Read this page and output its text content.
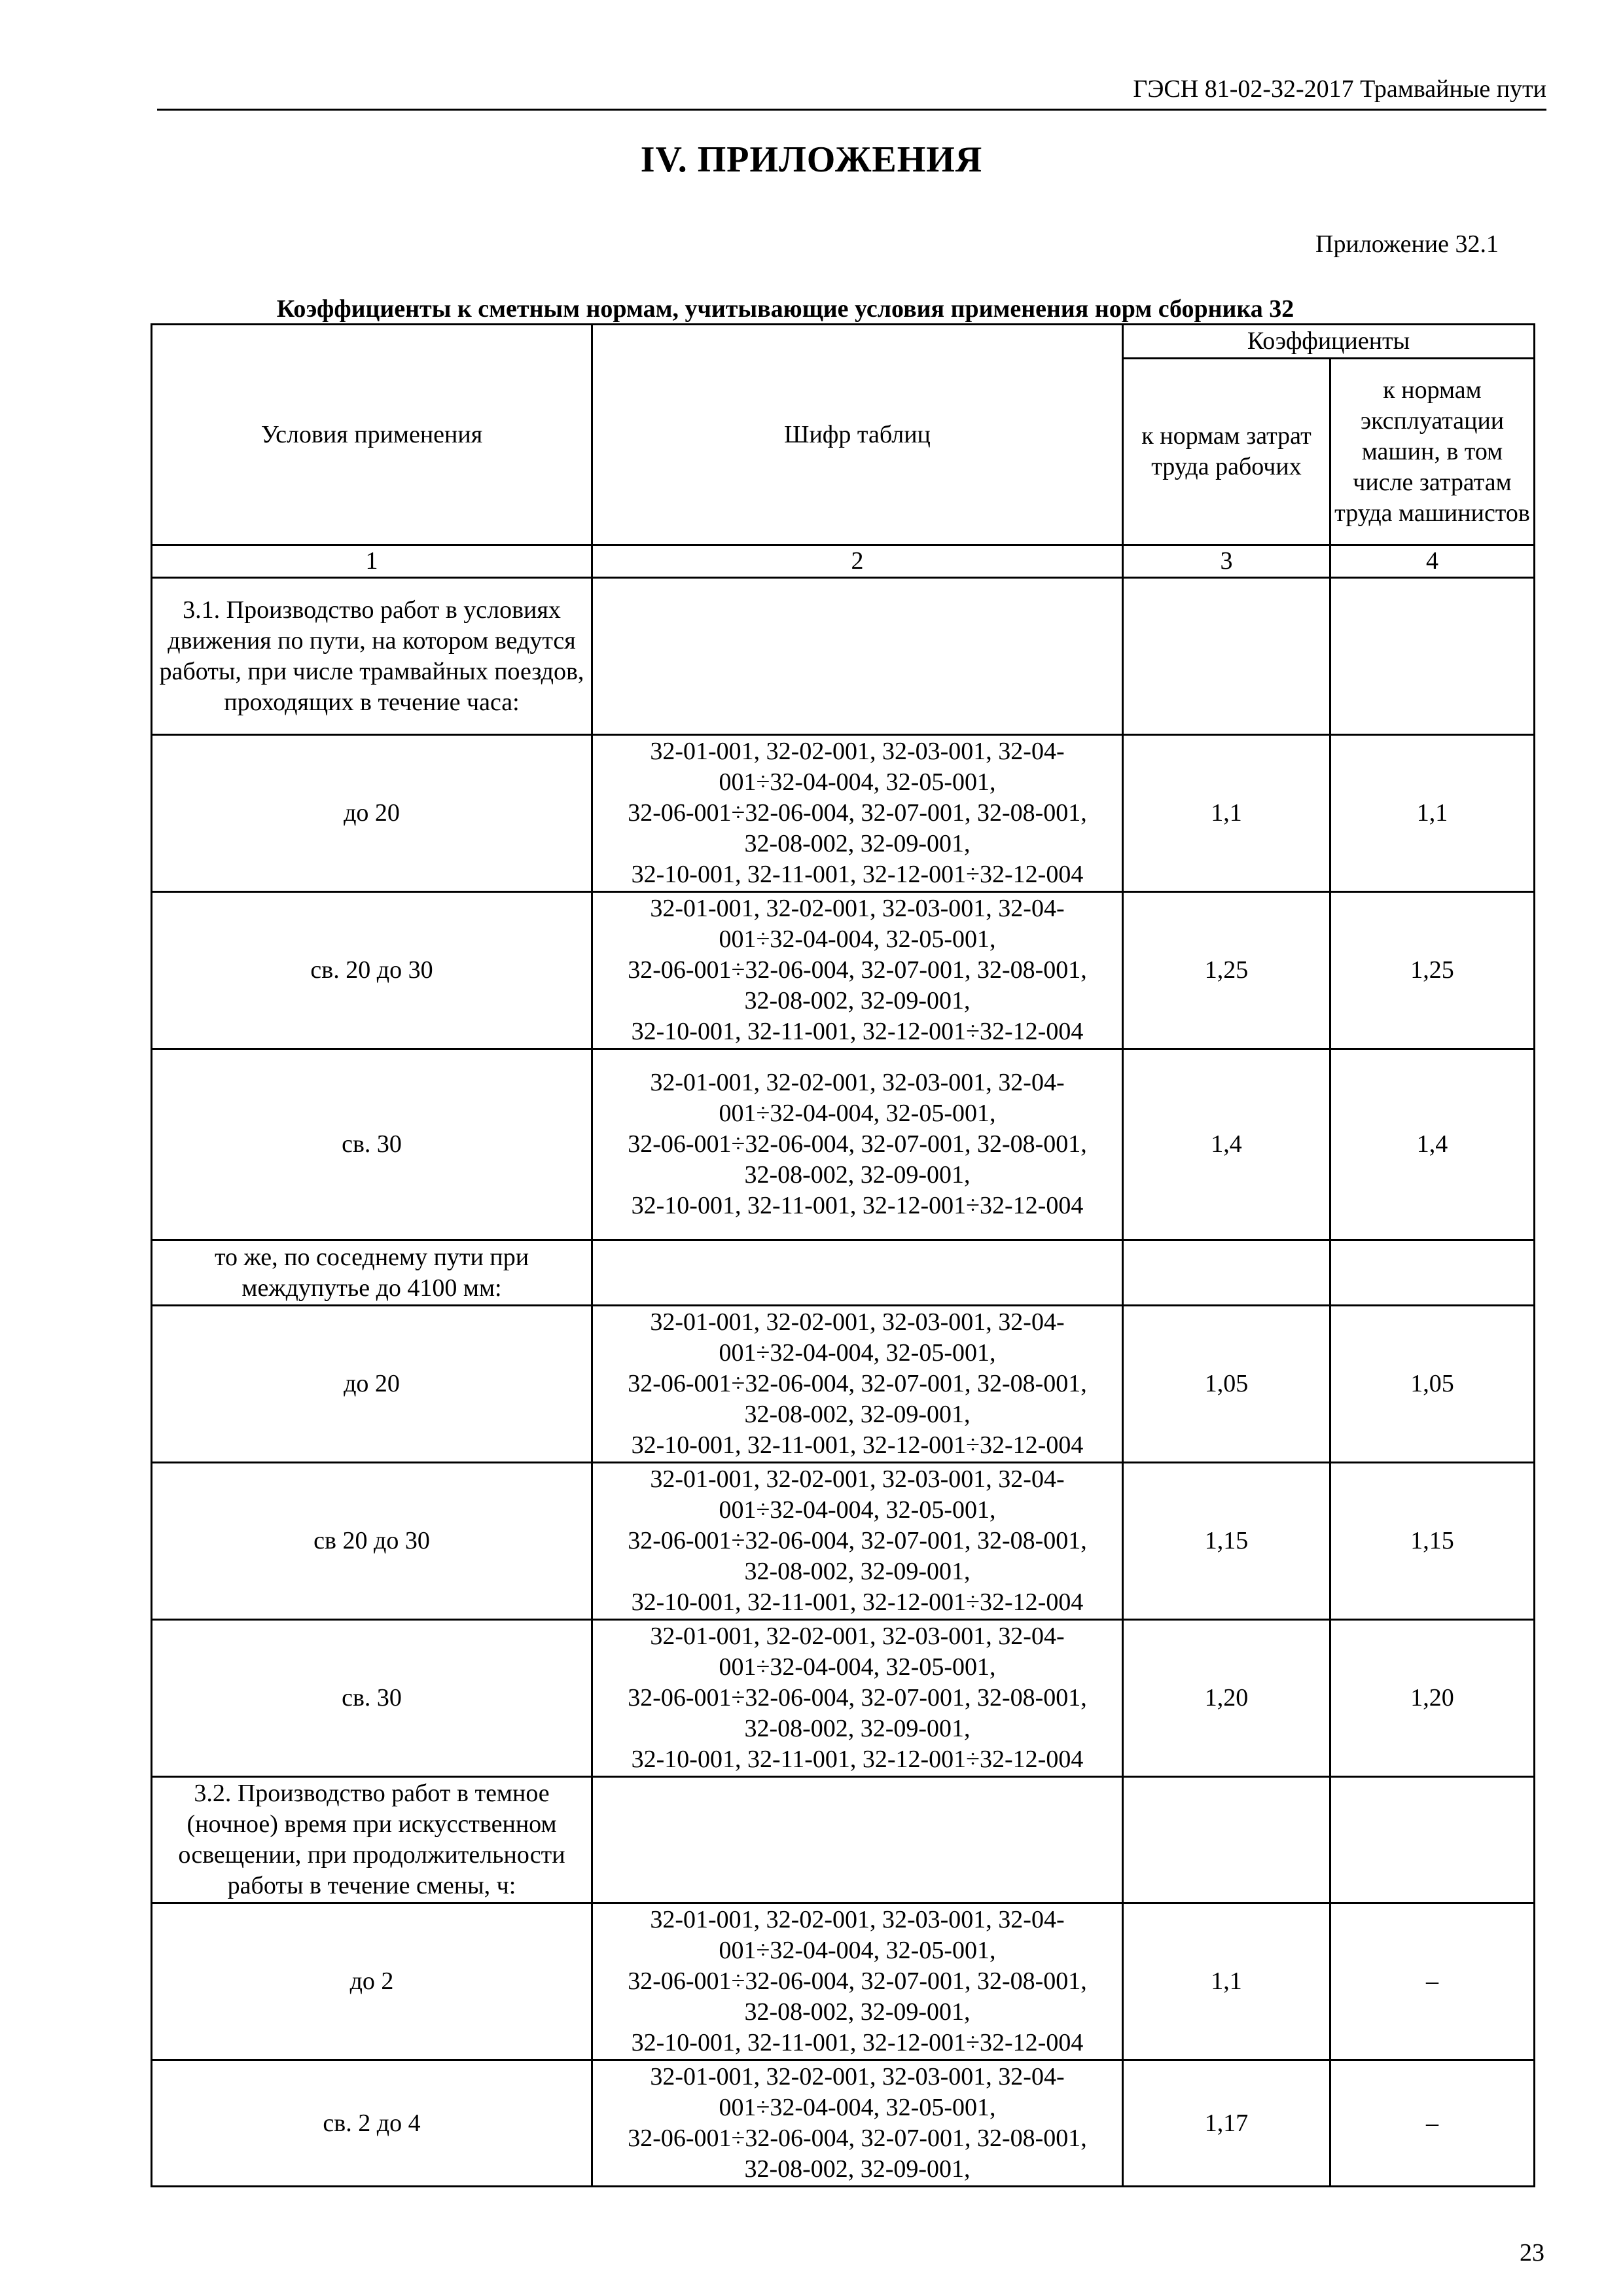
ГЭСН 81-02-32-2017 Трамвайные пути
IV. ПРИЛОЖЕНИЯ
Приложение 32.1
Коэффициенты к сметным нормам, учитывающие условия применения норм сборника 32
Условия применения	Шифр таблиц	Коэффициенты	
		к нормам затрат труда рабочих	к нормам эксплуатации машин, в том числе затратам труда машинистов
1	2	3	4
3.1. Производство работ в условиях движения по пути, на котором ведутся работы, при числе трамвайных поездов, проходящих в течение часа:			
до 20	32-01-001, 32-02-001, 32-03-001, 32-04-
001÷32-04-004, 32-05-001,
32-06-001÷32-06-004, 32-07-001, 32-08-001,
32-08-002, 32-09-001,
32-10-001, 32-11-001, 32-12-001÷32-12-004	1,1	1,1
св. 20 до 30	32-01-001, 32-02-001, 32-03-001, 32-04-
001÷32-04-004, 32-05-001,
32-06-001÷32-06-004, 32-07-001, 32-08-001,
32-08-002, 32-09-001,
32-10-001, 32-11-001, 32-12-001÷32-12-004	1,25	1,25
св. 30	32-01-001, 32-02-001, 32-03-001, 32-04-
001÷32-04-004, 32-05-001,
32-06-001÷32-06-004, 32-07-001, 32-08-001,
32-08-002, 32-09-001,
32-10-001, 32-11-001, 32-12-001÷32-12-004	1,4	1,4
то же, по соседнему пути при междупутье до 4100 мм:			
до 20	32-01-001, 32-02-001, 32-03-001, 32-04-
001÷32-04-004, 32-05-001,
32-06-001÷32-06-004, 32-07-001, 32-08-001,
32-08-002, 32-09-001,
32-10-001, 32-11-001, 32-12-001÷32-12-004	1,05	1,05
св 20 до 30	32-01-001, 32-02-001, 32-03-001, 32-04-
001÷32-04-004, 32-05-001,
32-06-001÷32-06-004, 32-07-001, 32-08-001,
32-08-002, 32-09-001,
32-10-001, 32-11-001, 32-12-001÷32-12-004	1,15	1,15
св. 30	32-01-001, 32-02-001, 32-03-001, 32-04-
001÷32-04-004, 32-05-001,
32-06-001÷32-06-004, 32-07-001, 32-08-001,
32-08-002, 32-09-001,
32-10-001, 32-11-001, 32-12-001÷32-12-004	1,20	1,20
3.2. Производство работ в темное (ночное) время при искусственном освещении, при продолжительности работы в течение смены, ч:			
до 2	32-01-001, 32-02-001, 32-03-001, 32-04-
001÷32-04-004, 32-05-001,
32-06-001÷32-06-004, 32-07-001, 32-08-001,
32-08-002, 32-09-001,
32-10-001, 32-11-001, 32-12-001÷32-12-004	1,1	–
св. 2 до 4	32-01-001, 32-02-001, 32-03-001, 32-04-
001÷32-04-004, 32-05-001,
32-06-001÷32-06-004, 32-07-001, 32-08-001,
32-08-002, 32-09-001,	1,17	–
23
